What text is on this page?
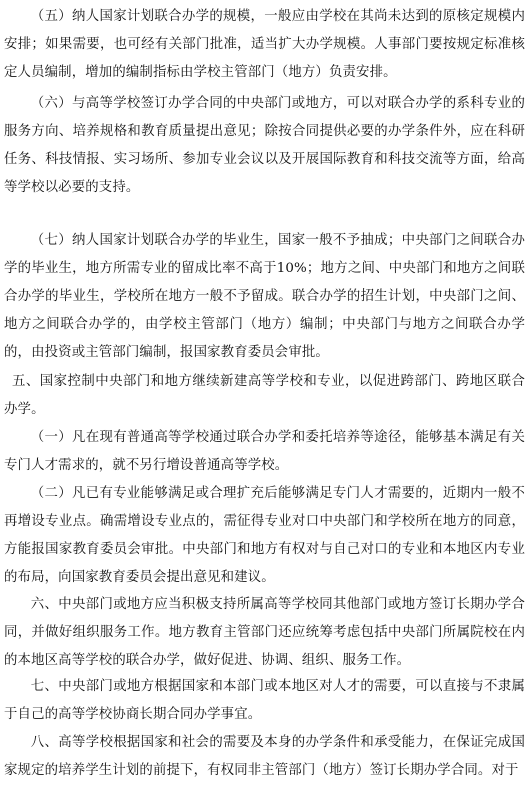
（五）纳人国家计划联合办学的规模，一般应由学校在其尚未达到的原核定规模内安排；如果需要，也可经有关部门批准，适当扩大办学规模。人事部门要按规定标准核定人员编制，增加的编制指标由学校主管部门（地方）负责安排。

（六）与高等学校签订办学合同的中央部门或地方，可以对联合办学的系科专业的服务方向、培养规格和教育质量提出意见；除按合同提供必要的办学条件外，应在科研任务、科技情报、实习场所、参加专业会议以及开展国际教育和科技交流等方面，给高等学校以必要的支持。

（七）纳人国家计划联合办学的毕业生，国家一般不予抽成；中央部门之间联合办学的毕业生，地方所需专业的留成比率不高于10%；地方之间、中央部门和地方之间联合办学的毕业生，学校所在地方一般不予留成。联合办学的招生计划，中央部门之间、地方之间联合办学的，由学校主管部门（地方）编制；中央部门与地方之间联合办学的，由投资或主管部门编制，报国家教育委员会审批。

五、国家控制中央部门和地方继续新建高等学校和专业，以促进跨部门、跨地区联合办学。

（一）凡在现有普通高等学校通过联合办学和委托培养等途径，能够基本满足有关专门人才需求的，就不另行增设普通高等学校。

（二）凡已有专业能够满足或合理扩充后能够满足专门人才需要的，近期内一般不再增设专业点。确需增设专业点的，需征得专业对口中央部门和学校所在地方的同意，方能报国家教育委员会审批。中央部门和地方有权对与自己对口的专业和本地区内专业的布局，向国家教育委员会提出意见和建议。

六、中央部门或地方应当积极支持所属高等学校同其他部门或地方签订长期办学合同，并做好组织服务工作。地方教育主管部门还应统筹考虑包括中央部门所属院校在内的本地区高等学校的联合办学，做好促进、协调、组织、服务工作。

七、中央部门或地方根据国家和本部门或本地区对人才的需要，可以直接与不隶属于自己的高等学校协商长期合同办学事宜。

八、高等学校根据国家和社会的需要及本身的办学条件和承受能力，在保证完成国家规定的培养学生计划的前提下，有权同非主管部门（地方）签订长期办学合同。对于
